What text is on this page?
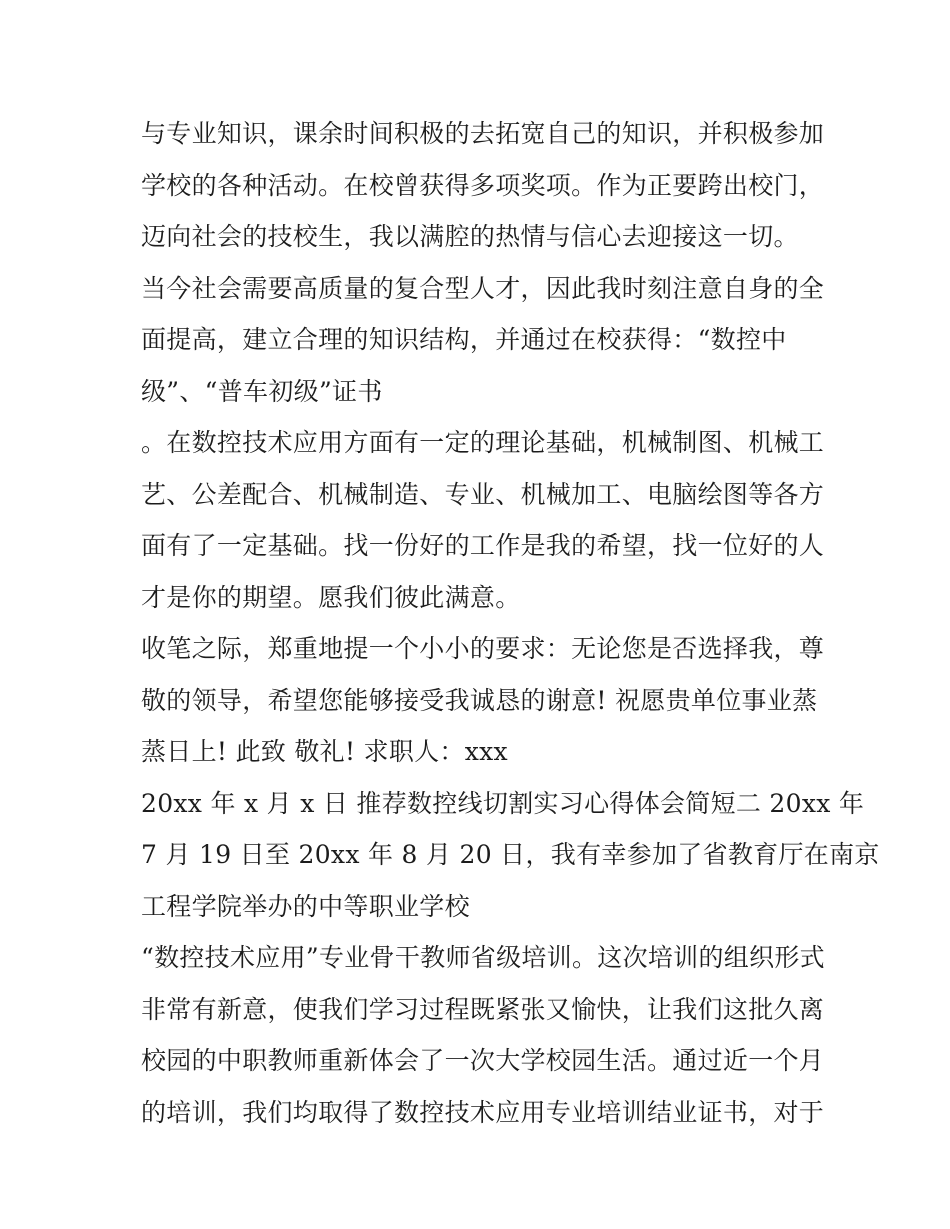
与专业知识，课余时间积极的去拓宽自己的知识，并积极参加
学校的各种活动。在校曾获得多项奖项。作为正要跨出校门，
迈向社会的技校生，我以满腔的热情与信心去迎接这一切。
当今社会需要高质量的复合型人才，因此我时刻注意自身的全
面提高，建立合理的知识结构，并通过在校获得：“数控中
级”、“普车初级”证书
。在数控技术应用方面有一定的理论基础，机械制图、机械工
艺、公差配合、机械制造、专业、机械加工、电脑绘图等各方
面有了一定基础。找一份好的工作是我的希望，找一位好的人
才是你的期望。愿我们彼此满意。
收笔之际，郑重地提一个小小的要求：无论您是否选择我，尊
敬的领导，希望您能够接受我诚恳的谢意! 祝愿贵单位事业蒸
蒸日上! 此致 敬礼! 求职人：xxx
20xx 年 x 月 x 日 推荐数控线切割实习心得体会简短二 20xx 年
7 月 19 日至 20xx 年 8 月 20 日，我有幸参加了省教育厅在南京
工程学院举办的中等职业学校
“数控技术应用”专业骨干教师省级培训。这次培训的组织形式
非常有新意，使我们学习过程既紧张又愉快，让我们这批久离
校园的中职教师重新体会了一次大学校园生活。通过近一个月
的培训，我们均取得了数控技术应用专业培训结业证书，对于
